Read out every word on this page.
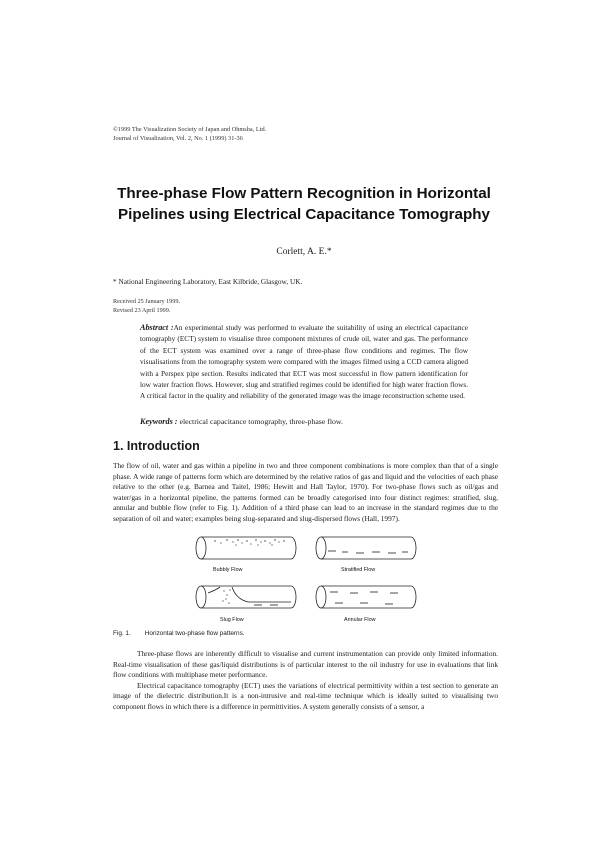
©1999 The Visualization Society of Japan and Ohmsha, Ltd.
Journal of Visualization, Vol. 2, No. 1 (1999) 31-36
Three-phase Flow Pattern Recognition in Horizontal
Pipelines using Electrical Capacitance Tomography
Corlett, A. E.*
* National Engineering Laboratory, East Kilbride, Glasgow, UK.
Received 25 January 1999.
Revised 23 April 1999.
Abstract :An experimental study was performed to evaluate the suitability of using an electrical capacitance tomography (ECT) system to visualise three component mixtures of crude oil, water and gas. The performance of the ECT system was examined over a range of three-phase flow conditions and regimes. The flow visualisations from the tomography system were compared with the images filmed using a CCD camera aligned with a Perspex pipe section. Results indicated that ECT was most successful in flow pattern identification for low water fraction flows. However, slug and stratified regimes could be identified for high water fraction flows. A critical factor in the quality and reliability of the generated image was the image reconstruction scheme used.
Keywords : electrical capacitance tomography, three-phase flow.
1. Introduction
The flow of oil, water and gas within a pipeline in two and three component combinations is more complex than that of a single phase. A wide range of patterns form which are determined by the relative ratios of gas and liquid and the velocities of each phase relative to the other (e.g. Barnea and Taitel, 1986; Hewitt and Hall Taylor, 1970). For two-phase flows such as oil/gas and water/gas in a horizontal pipeline, the patterns formed can be broadly categorised into four distinct regimes: stratified, slug, annular and bubble flow (refer to Fig. 1). Addition of a third phase can lead to an increase in the standard regimes due to the separation of oil and water; examples being slug-separated and slug-dispersed flows (Hall, 1997).
Bubbly Flow	Stratified Flow
Slug Flow	Annular Flow
Fig. 1. Horizontal two-phase flow patterns.

Three-phase flows are inherently difficult to visualise and current instrumentation can provide only limited information. Real-time visualisation of these gas/liquid distributions is of particular interest to the oil industry for use in evaluations that link flow conditions with multiphase meter performance.

Electrical capacitance tomography (ECT) uses the variations of electrical permittivity within a test section to generate an image of the dielectric distribution.It is a non-intrusive and real-time technique which is ideally suited to visualising two component flows in which there is a difference in permittivities. A system generally consists of a sensor, a
